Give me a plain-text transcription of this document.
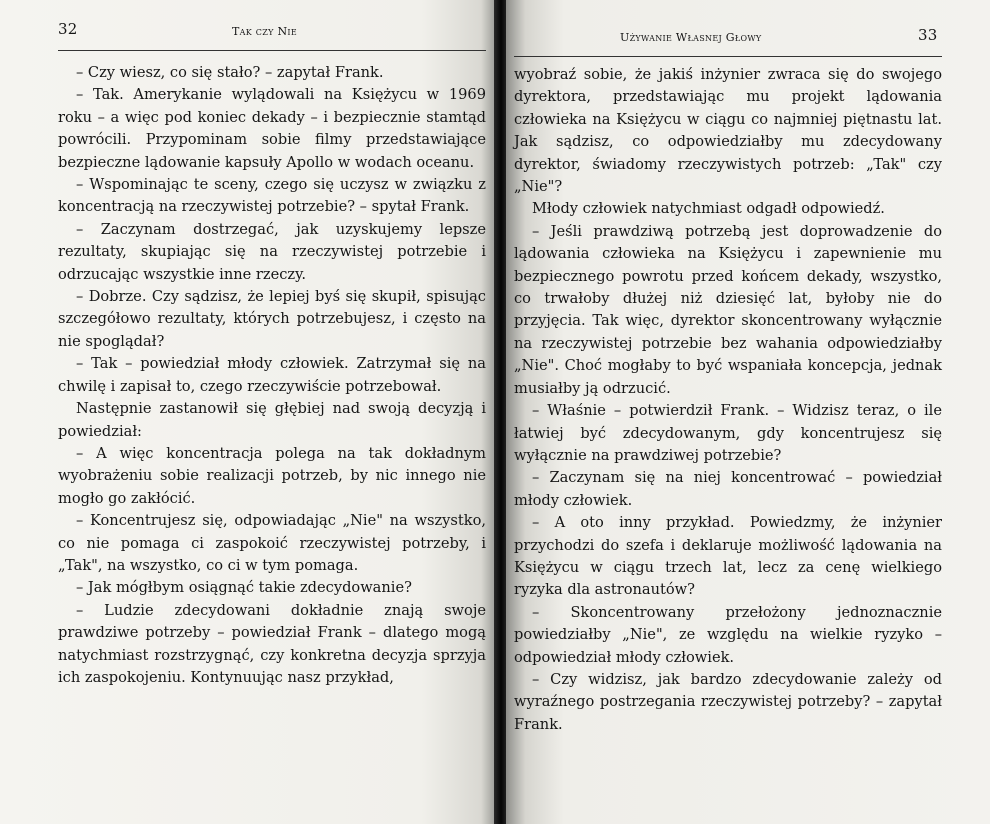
32	Tak czy Nie

– Czy wiesz, co się stało? – zapytał Frank.

– Tak. Amerykanie wylądowali na Księżycu w 1969 roku – a więc pod koniec dekady – i bezpiecznie stamtąd powrócili. Przypominam sobie filmy przedstawiające bezpieczne lądowanie kapsuły Apollo w wodach oceanu.

– Wspominając te sceny, czego się uczysz w związku z koncentracją na rzeczywistej potrzebie? – spytał Frank.

– Zaczynam dostrzegać, jak uzyskujemy lepsze rezultaty, skupiając się na rzeczywistej potrzebie i odrzucając wszystkie inne rzeczy.

– Dobrze. Czy sądzisz, że lepiej byś się skupił, spisując szczegółowo rezultaty, których potrzebujesz, i często na nie spoglądał?

– Tak – powiedział młody człowiek. Zatrzymał się na chwilę i zapisał to, czego rzeczywiście potrzebował.

Następnie zastanowił się głębiej nad swoją decyzją i powiedział:

– A więc koncentracja polega na tak dokładnym wyobrażeniu sobie realizacji potrzeb, by nic innego nie mogło go zakłócić.

– Koncentrujesz się, odpowiadając „Nie" na wszystko, co nie pomaga ci zaspokoić rzeczywistej potrzeby, i „Tak", na wszystko, co ci w tym pomaga.

– Jak mógłbym osiągnąć takie zdecydowanie?

– Ludzie zdecydowani dokładnie znają swoje prawdziwe potrzeby – powiedział Frank – dlatego mogą natychmiast rozstrzygnąć, czy konkretna decyzja sprzyja ich zaspokojeniu. Kontynuując nasz przykład,

Używanie Własnej Głowy	33

wyobraź sobie, że jakiś inżynier zwraca się do swojego dyrektora, przedstawiając mu projekt lądowania człowieka na Księżycu w ciągu co najmniej piętnastu lat. Jak sądzisz, co odpowiedziałby mu zdecydowany dyrektor, świadomy rzeczywistych potrzeb: „Tak" czy „Nie"?

Młody człowiek natychmiast odgadł odpowiedź.

– Jeśli prawdziwą potrzebą jest doprowadzenie do lądowania człowieka na Księżycu i zapewnienie mu bezpiecznego powrotu przed końcem dekady, wszystko, co trwałoby dłużej niż dziesięć lat, byłoby nie do przyjęcia. Tak więc, dyrektor skoncentrowany wyłącznie na rzeczywistej potrzebie bez wahania odpowiedziałby „Nie". Choć mogłaby to być wspaniała koncepcja, jednak musiałby ją odrzucić.

– Właśnie – potwierdził Frank. – Widzisz teraz, o ile łatwiej być zdecydowanym, gdy koncentrujesz się wyłącznie na prawdziwej potrzebie?

– Zaczynam się na niej koncentrować – powiedział młody człowiek.

– A oto inny przykład. Powiedzmy, że inżynier przychodzi do szefa i deklaruje możliwość lądowania na Księżycu w ciągu trzech lat, lecz za cenę wielkiego ryzyka dla astronautów?

– Skoncentrowany przełożony jednoznacznie powiedziałby „Nie", ze względu na wielkie ryzyko – odpowiedział młody człowiek.

– Czy widzisz, jak bardzo zdecydowanie zależy od wyraźnego postrzegania rzeczywistej potrzeby? – zapytał Frank.
